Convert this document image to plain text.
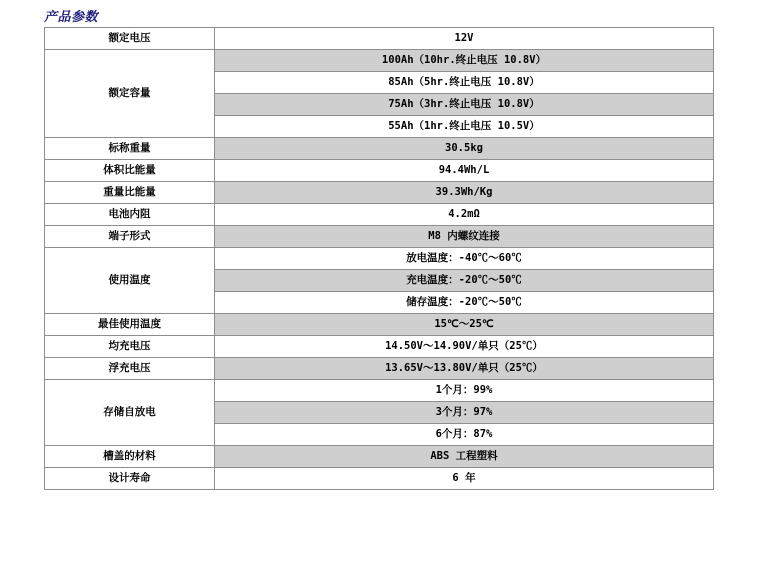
产品参数
额定电压	12V
额定容量	100Ah（10hr.终止电压 10.8V）
	85Ah（5hr.终止电压 10.8V）
	75Ah（3hr.终止电压 10.8V）
	55Ah（1hr.终止电压 10.5V）
标称重量	30.5kg
体积比能量	94.4Wh/L
重量比能量	39.3Wh/Kg
电池内阻	4.2mΩ
端子形式	M8 内螺纹连接
使用温度	放电温度：-40℃～60℃
	充电温度：-20℃～50℃
	储存温度：-20℃～50℃
最佳使用温度	15℃～25℃
均充电压	14.50V～14.90V/单只（25℃）
浮充电压	13.65V～13.80V/单只（25℃）
存储自放电	1个月：99%
	3个月：97%
	6个月：87%
槽盖的材料	ABS 工程塑料
设计寿命	6 年
